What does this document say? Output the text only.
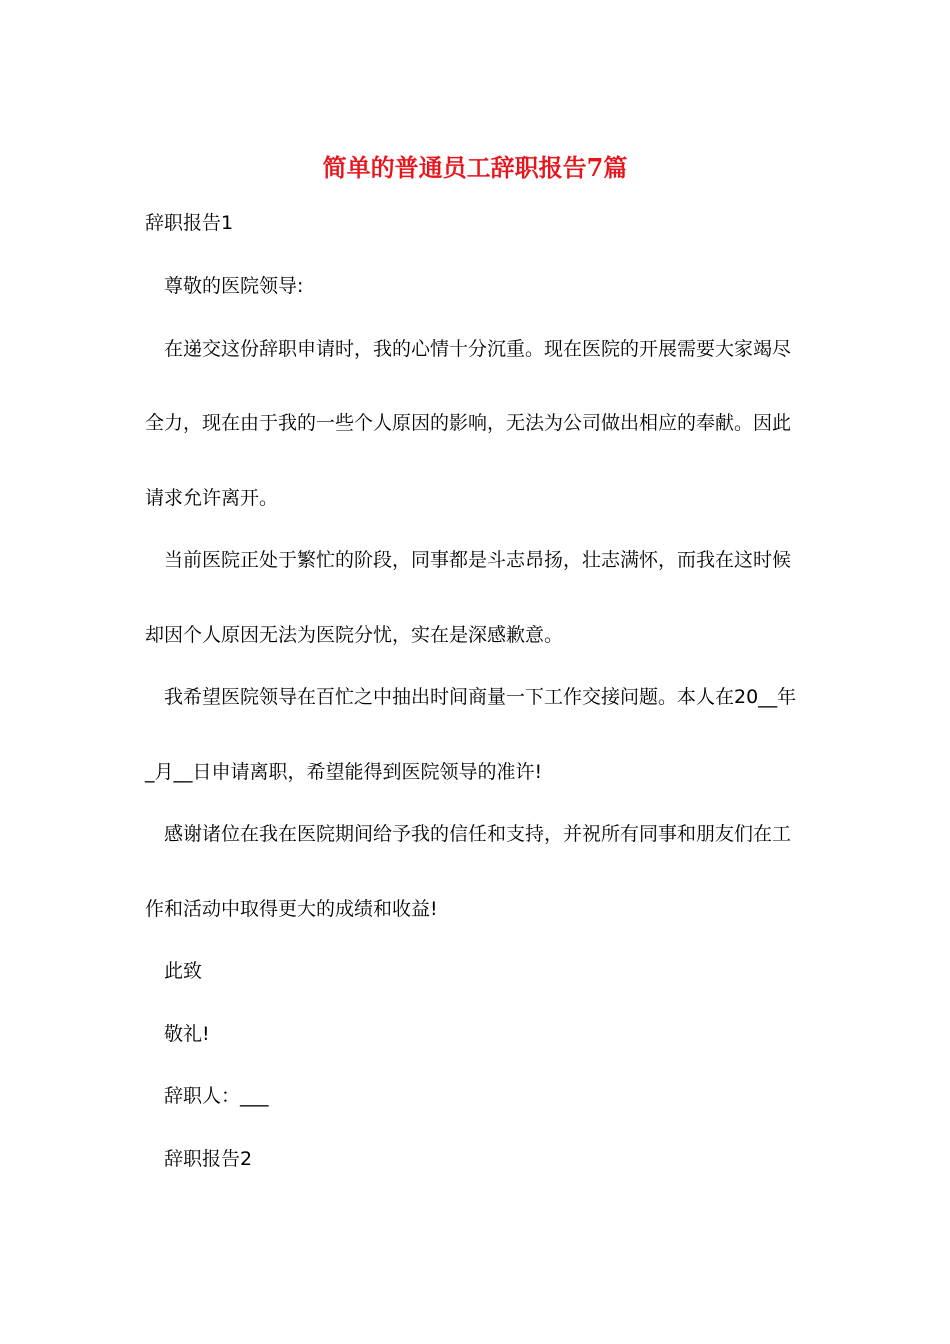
简单的普通员工辞职报告7篇

辞职报告1

尊敬的医院领导:

在递交这份辞职申请时，我的心情十分沉重。现在医院的开展需要大家竭尽

全力，现在由于我的一些个人原因的影响，无法为公司做出相应的奉献。因此

请求允许离开。

当前医院正处于繁忙的阶段，同事都是斗志昂扬，壮志满怀，而我在这时候

却因个人原因无法为医院分忧，实在是深感歉意。

我希望医院领导在百忙之中抽出时间商量一下工作交接问题。本人在20__年

_月__日申请离职，希望能得到医院领导的准许!

感谢诸位在我在医院期间给予我的信任和支持，并祝所有同事和朋友们在工

作和活动中取得更大的成绩和收益!

此致

敬礼!

辞职人：___

辞职报告2
